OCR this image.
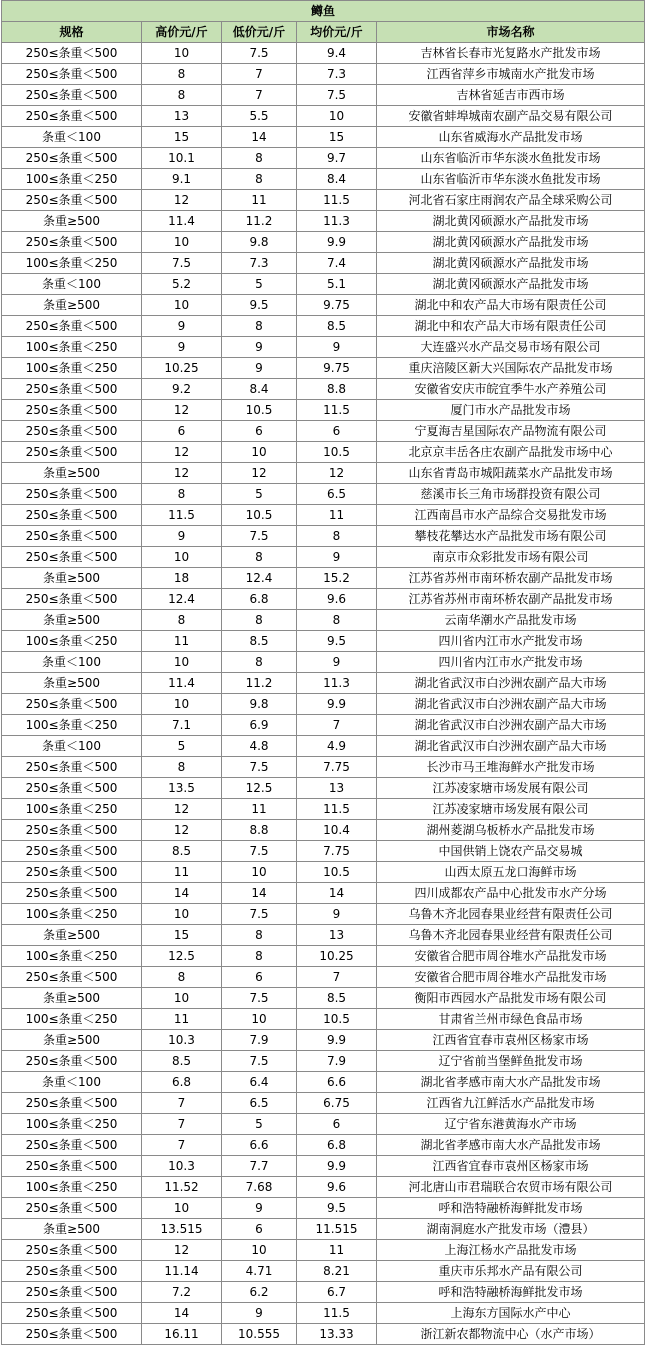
鳟鱼				
规格	高价元/斤	低价元/斤	均价元/斤	市场名称
250≤条重＜500	10	7.5	9.4	吉林省长春市光复路水产批发市场
250≤条重＜500	8	7	7.3	江西省萍乡市城南水产批发市场
250≤条重＜500	8	7	7.5	吉林省延吉市西市场
250≤条重＜500	13	5.5	10	安徽省蚌埠城南农副产品交易有限公司
条重＜100	15	14	15	山东省威海水产品批发市场
250≤条重＜500	10.1	8	9.7	山东省临沂市华东淡水鱼批发市场
100≤条重＜250	9.1	8	8.4	山东省临沂市华东淡水鱼批发市场
250≤条重＜500	12	11	11.5	河北省石家庄雨润农产品全球采购公司
条重≥500	11.4	11.2	11.3	湖北黄冈硕源水产品批发市场
250≤条重＜500	10	9.8	9.9	湖北黄冈硕源水产品批发市场
100≤条重＜250	7.5	7.3	7.4	湖北黄冈硕源水产品批发市场
条重＜100	5.2	5	5.1	湖北黄冈硕源水产品批发市场
条重≥500	10	9.5	9.75	湖北中和农产品大市场有限责任公司
250≤条重＜500	9	8	8.5	湖北中和农产品大市场有限责任公司
100≤条重＜250	9	9	9	大连盛兴水产品交易市场有限公司
100≤条重＜250	10.25	9	9.75	重庆涪陵区新大兴国际农产品批发市场
250≤条重＜500	9.2	8.4	8.8	安徽省安庆市皖宜季牛水产养殖公司
250≤条重＜500	12	10.5	11.5	厦门市水产品批发市场
250≤条重＜500	6	6	6	宁夏海吉星国际农产品物流有限公司
250≤条重＜500	12	10	10.5	北京京丰岳各庄农副产品批发市场中心
条重≥500	12	12	12	山东省青岛市城阳蔬菜水产品批发市场
250≤条重＜500	8	5	6.5	慈溪市长三角市场群投资有限公司
250≤条重＜500	11.5	10.5	11	江西南昌市水产品综合交易批发市场
250≤条重＜500	9	7.5	8	攀枝花攀达水产品批发市场有限公司
250≤条重＜500	10	8	9	南京市众彩批发市场有限公司
条重≥500	18	12.4	15.2	江苏省苏州市南环桥农副产品批发市场
250≤条重＜500	12.4	6.8	9.6	江苏省苏州市南环桥农副产品批发市场
条重≥500	8	8	8	云南华潮水产品批发市场
100≤条重＜250	11	8.5	9.5	四川省内江市水产批发市场
条重＜100	10	8	9	四川省内江市水产批发市场
条重≥500	11.4	11.2	11.3	湖北省武汉市白沙洲农副产品大市场
250≤条重＜500	10	9.8	9.9	湖北省武汉市白沙洲农副产品大市场
100≤条重＜250	7.1	6.9	7	湖北省武汉市白沙洲农副产品大市场
条重＜100	5	4.8	4.9	湖北省武汉市白沙洲农副产品大市场
250≤条重＜500	8	7.5	7.75	长沙市马王堆海鲜水产批发市场
250≤条重＜500	13.5	12.5	13	江苏凌家塘市场发展有限公司
100≤条重＜250	12	11	11.5	江苏凌家塘市场发展有限公司
250≤条重＜500	12	8.8	10.4	湖州菱湖乌板桥水产品批发市场
250≤条重＜500	8.5	7.5	7.75	中国供销上饶农产品交易城
250≤条重＜500	11	10	10.5	山西太原五龙口海鲜市场
250≤条重＜500	14	14	14	四川成都农产品中心批发市水产分场
100≤条重＜250	10	7.5	9	乌鲁木齐北园春果业经营有限责任公司
条重≥500	15	8	13	乌鲁木齐北园春果业经营有限责任公司
100≤条重＜250	12.5	8	10.25	安徽省合肥市周谷堆水产品批发市场
250≤条重＜500	8	6	7	安徽省合肥市周谷堆水产品批发市场
条重≥500	10	7.5	8.5	衡阳市西园水产品批发市场有限公司
100≤条重＜250	11	10	10.5	甘肃省兰州市绿色食品市场
条重≥500	10.3	7.9	9.9	江西省宜春市袁州区杨家市场
250≤条重＜500	8.5	7.5	7.9	辽宁省前当堡鲜鱼批发市场
条重＜100	6.8	6.4	6.6	湖北省孝感市南大水产品批发市场
250≤条重＜500	7	6.5	6.75	江西省九江鲜活水产品批发市场
100≤条重＜250	7	5	6	辽宁省东港黄海水产市场
250≤条重＜500	7	6.6	6.8	湖北省孝感市南大水产品批发市场
250≤条重＜500	10.3	7.7	9.9	江西省宜春市袁州区杨家市场
100≤条重＜250	11.52	7.68	9.6	河北唐山市君瑞联合农贸市场有限公司
250≤条重＜500	10	9	9.5	呼和浩特融桥海鲜批发市场
条重≥500	13.515	6	11.515	湖南洞庭水产批发市场（澧县）
250≤条重＜500	12	10	11	上海江杨水产品批发市场
250≤条重＜500	11.14	4.71	8.21	重庆市乐邦水产品有限公司
250≤条重＜500	7.2	6.2	6.7	呼和浩特融桥海鲜批发市场
250≤条重＜500	14	9	11.5	上海东方国际水产中心
250≤条重＜500	16.11	10.555	13.33	浙江新农都物流中心（水产市场）
